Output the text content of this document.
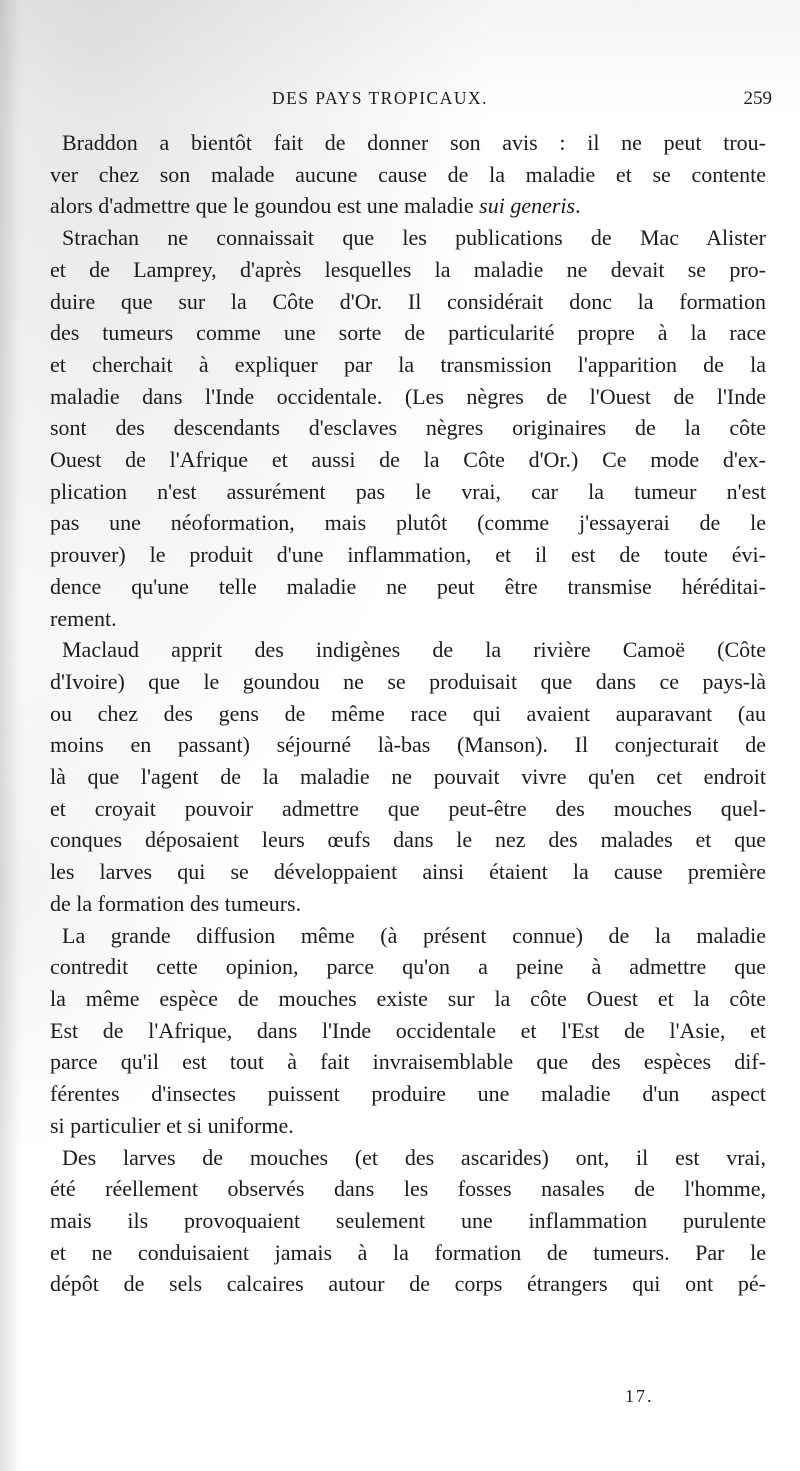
DES PAYS TROPICAUX.	259
Braddon a bientôt fait de donner son avis : il ne peut trou-
ver chez son malade aucune cause de la maladie et se contente
alors d'admettre que le goundou est une maladie sui generis.
Strachan ne connaissait que les publications de Mac Alister
et de Lamprey, d'après lesquelles la maladie ne devait se pro-
duire que sur la Côte d'Or. Il considérait donc la formation
des tumeurs comme une sorte de particularité propre à la race
et cherchait à expliquer par la transmission l'apparition de la
maladie dans l'Inde occidentale. (Les nègres de l'Ouest de l'Inde
sont des descendants d'esclaves nègres originaires de la côte
Ouest de l'Afrique et aussi de la Côte d'Or.) Ce mode d'ex-
plication n'est assurément pas le vrai, car la tumeur n'est
pas une néoformation, mais plutôt (comme j'essayerai de le
prouver) le produit d'une inflammation, et il est de toute évi-
dence qu'une telle maladie ne peut être transmise héréditai-
rement.
Maclaud apprit des indigènes de la rivière Camoë (Côte
d'Ivoire) que le goundou ne se produisait que dans ce pays-là
ou chez des gens de même race qui avaient auparavant (au
moins en passant) séjourné là-bas (Manson). Il conjecturait de
là que l'agent de la maladie ne pouvait vivre qu'en cet endroit
et croyait pouvoir admettre que peut-être des mouches quel-
conques déposaient leurs œufs dans le nez des malades et que
les larves qui se développaient ainsi étaient la cause première
de la formation des tumeurs.
La grande diffusion même (à présent connue) de la maladie
contredit cette opinion, parce qu'on a peine à admettre que
la même espèce de mouches existe sur la côte Ouest et la côte
Est de l'Afrique, dans l'Inde occidentale et l'Est de l'Asie, et
parce qu'il est tout à fait invraisemblable que des espèces dif-
férentes d'insectes puissent produire une maladie d'un aspect
si particulier et si uniforme.
Des larves de mouches (et des ascarides) ont, il est vrai,
été réellement observés dans les fosses nasales de l'homme,
mais ils provoquaient seulement une inflammation purulente
et ne conduisaient jamais à la formation de tumeurs. Par le
dépôt de sels calcaires autour de corps étrangers qui ont pé-
17.
